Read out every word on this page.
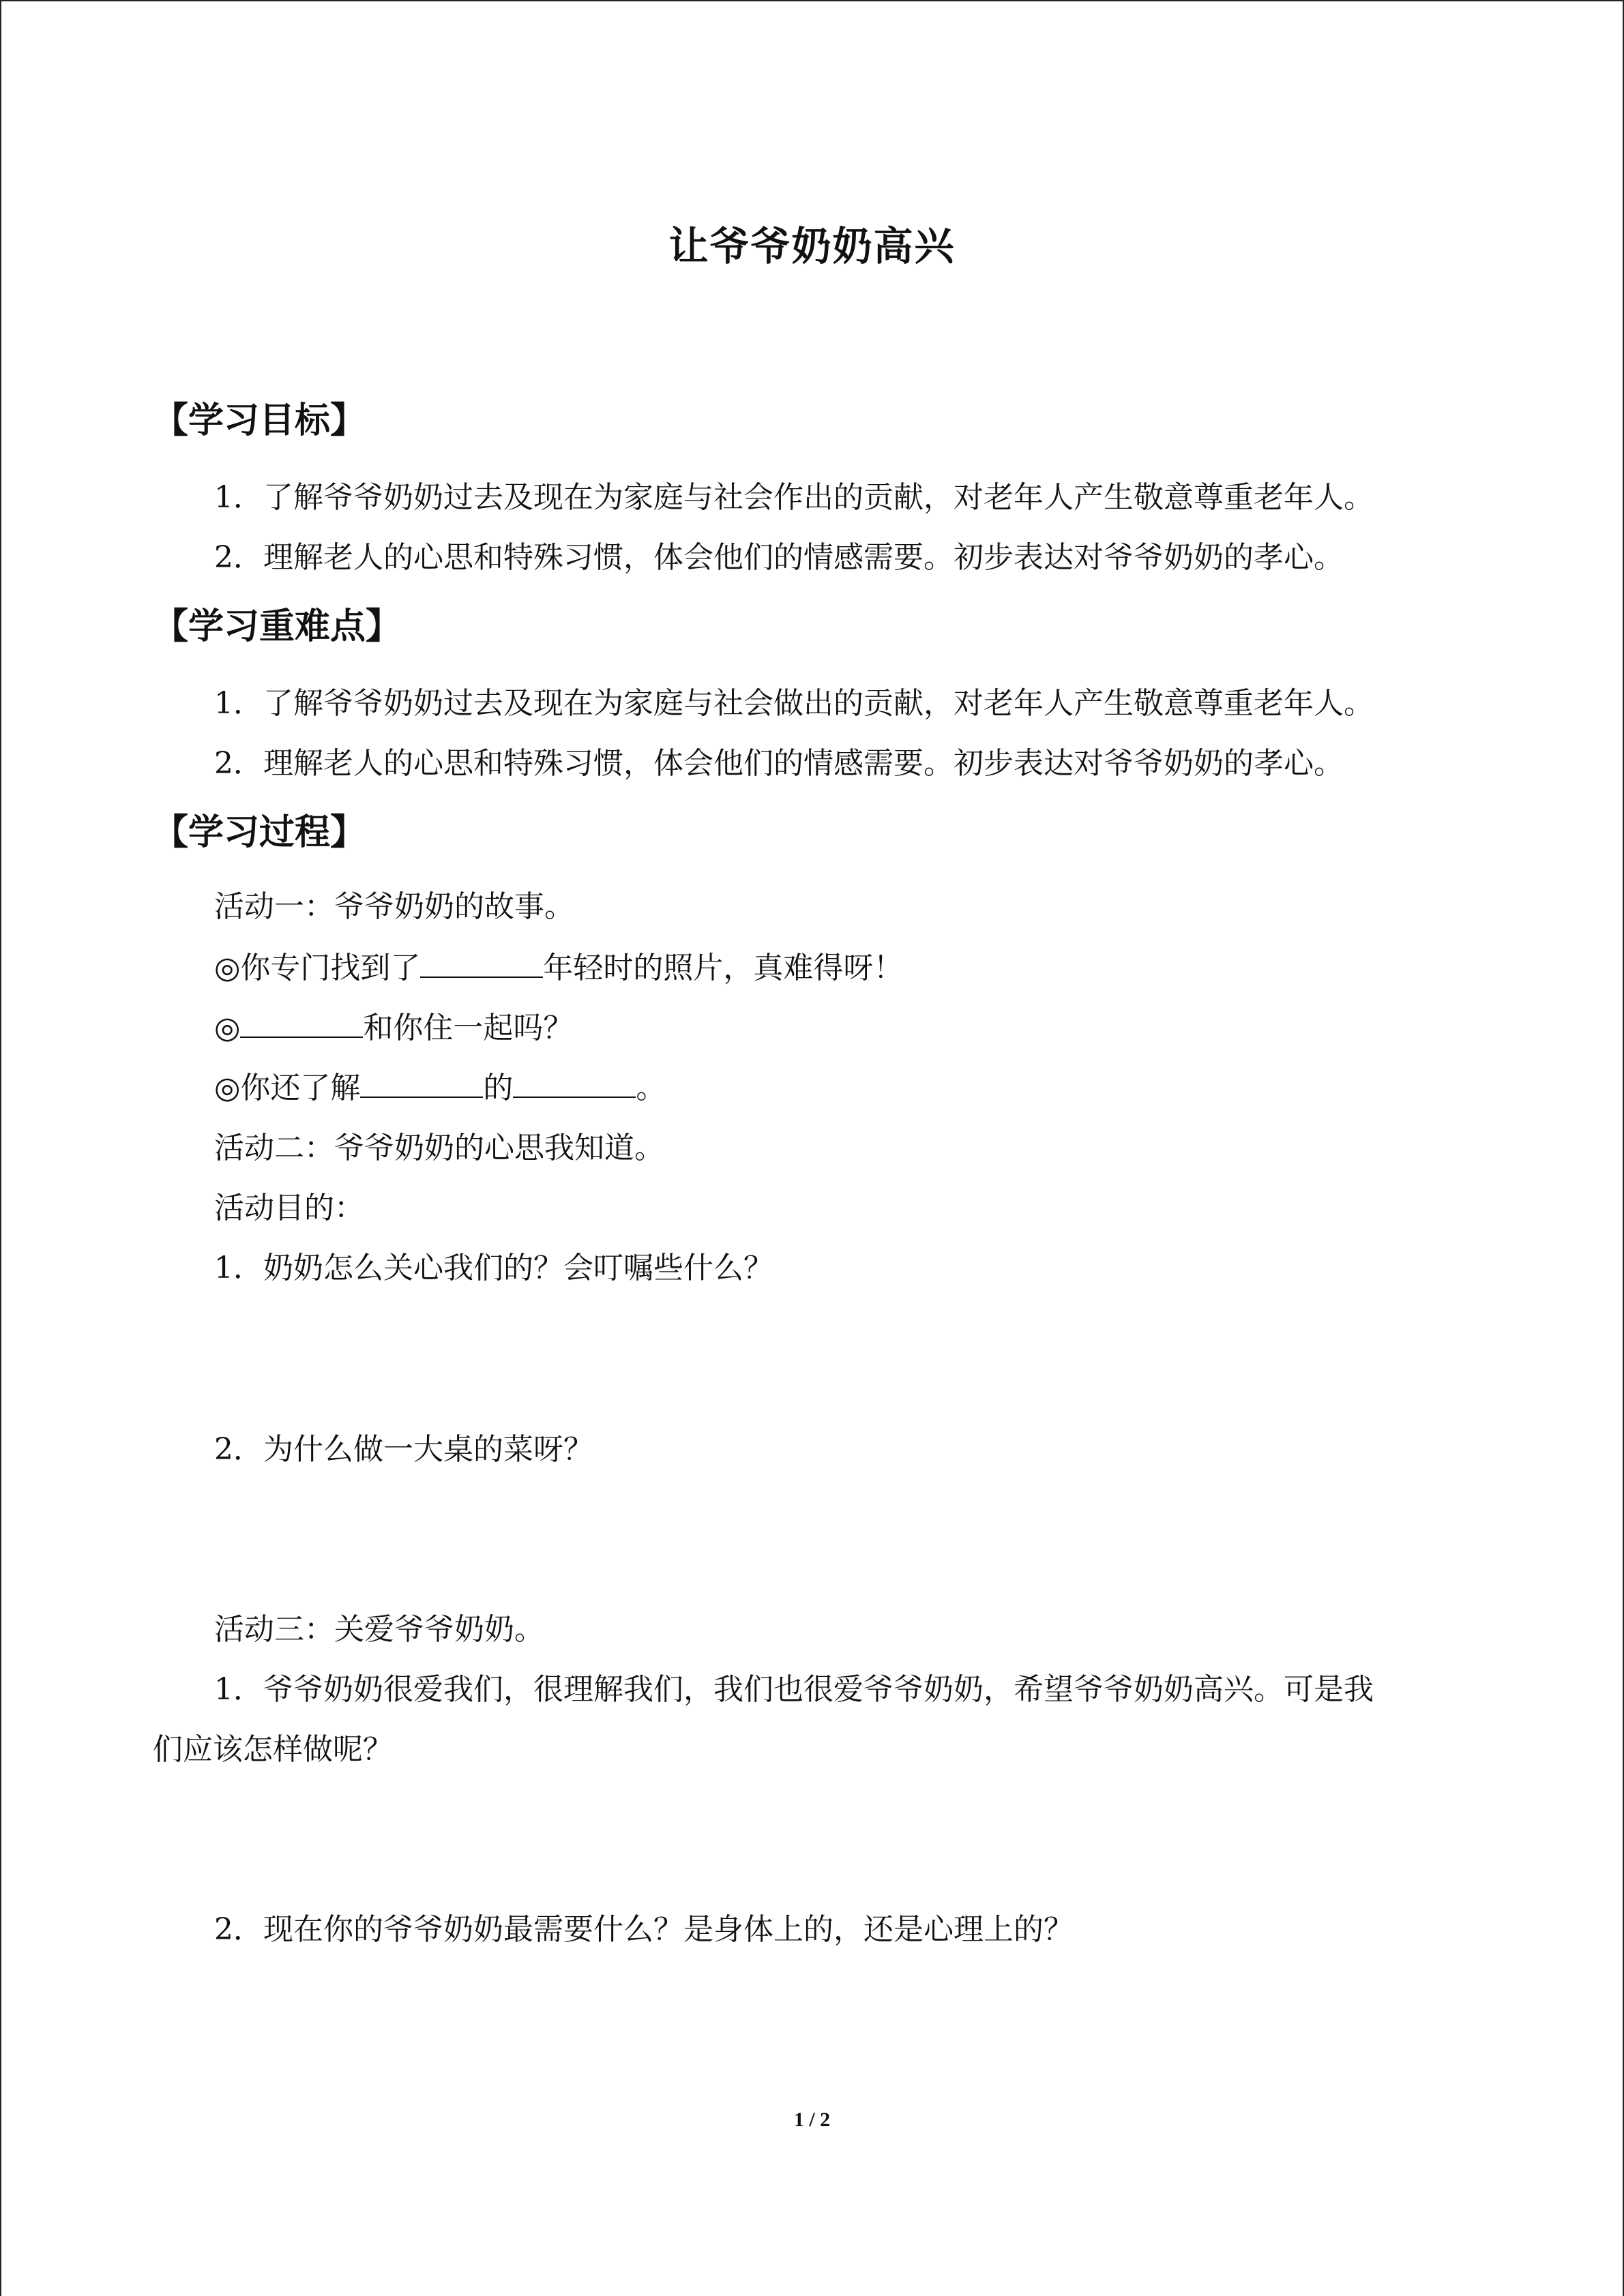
让爷爷奶奶高兴
【学习目标】
1．了解爷爷奶奶过去及现在为家庭与社会作出的贡献，对老年人产生敬意尊重老年人。
2．理解老人的心思和特殊习惯，体会他们的情感需要。初步表达对爷爷奶奶的孝心。
【学习重难点】
1．了解爷爷奶奶过去及现在为家庭与社会做出的贡献，对老年人产生敬意尊重老年人。
2．理解老人的心思和特殊习惯，体会他们的情感需要。初步表达对爷爷奶奶的孝心。
【学习过程】
活动一：爷爷奶奶的故事。
◎你专门找到了	年轻时的照片，真难得呀！
◎	和你住一起吗？
◎你还了解	的	。
活动二：爷爷奶奶的心思我知道。
活动目的：
1．奶奶怎么关心我们的？会叮嘱些什么？
2．为什么做一大桌的菜呀？
活动三：关爱爷爷奶奶。
1．爷爷奶奶很爱我们，很理解我们，我们也很爱爷爷奶奶，希望爷爷奶奶高兴。可是我
们应该怎样做呢？
2．现在你的爷爷奶奶最需要什么？是身体上的，还是心理上的？
1 / 2
